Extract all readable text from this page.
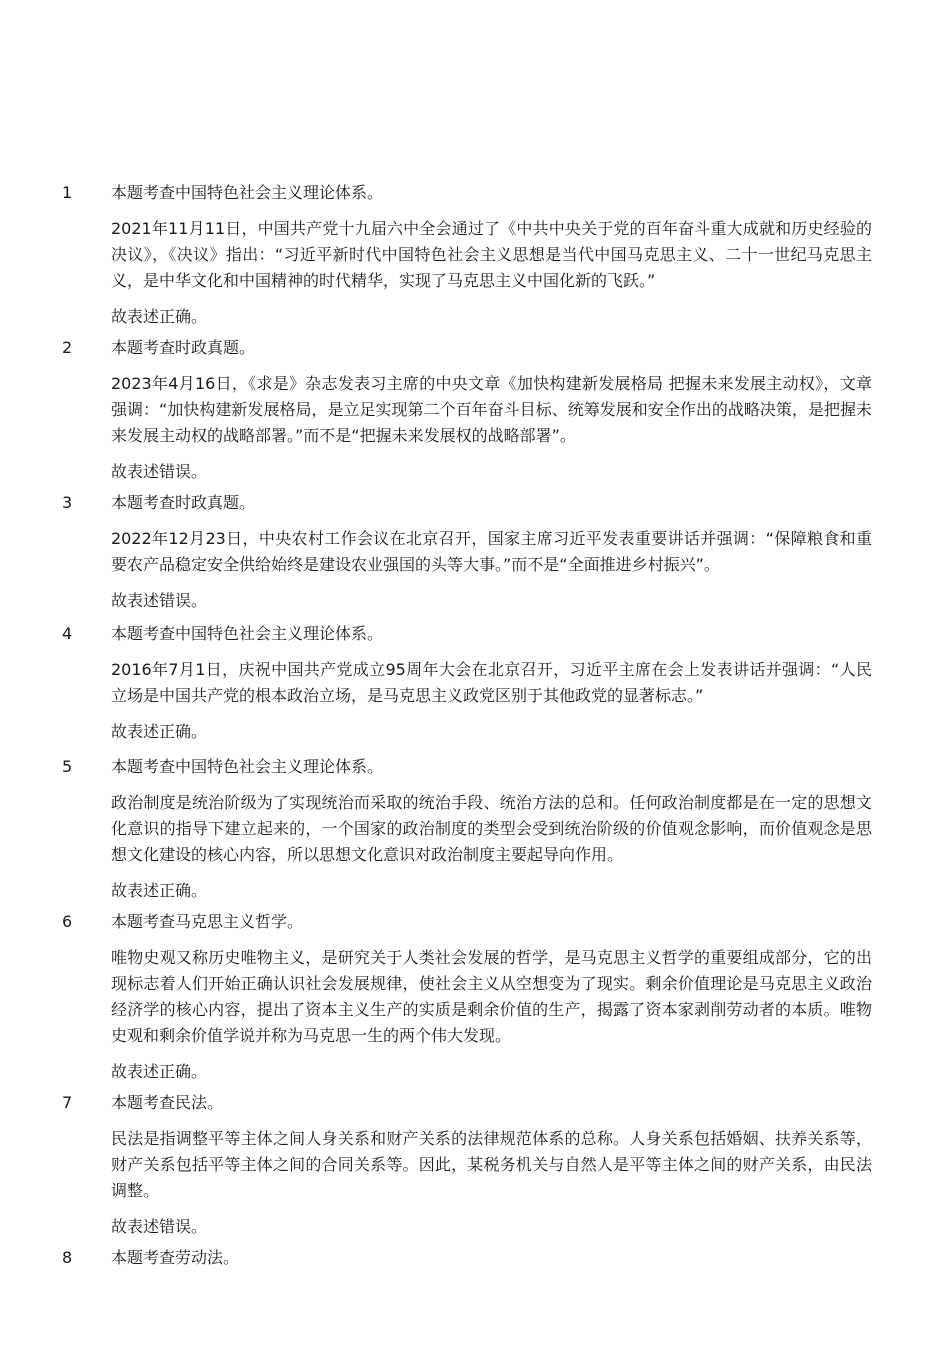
1	本题考查中国特色社会主义理论体系。
2021年11月11日，中国共产党十九届六中全会通过了《中共中央关于党的百年奋斗重大成就和历史经验的决议》，《决议》指出：“习近平新时代中国特色社会主义思想是当代中国马克思主义、二十一世纪马克思主义，是中华文化和中国精神的时代精华，实现了马克思主义中国化新的飞跃。”
故表述正确。
2	本题考查时政真题。
2023年4月16日，《求是》杂志发表习主席的中央文章《加快构建新发展格局 把握未来发展主动权》，文章强调：“加快构建新发展格局，是立足实现第二个百年奋斗目标、统筹发展和安全作出的战略决策，是把握未来发展主动权的战略部署。”而不是“把握未来发展权的战略部署”。
故表述错误。
3	本题考查时政真题。
2022年12月23日，中央农村工作会议在北京召开，国家主席习近平发表重要讲话并强调：“保障粮食和重要农产品稳定安全供给始终是建设农业强国的头等大事。”而不是“全面推进乡村振兴”。
故表述错误。
4	本题考查中国特色社会主义理论体系。
2016年7月1日，庆祝中国共产党成立95周年大会在北京召开，习近平主席在会上发表讲话并强调：“人民立场是中国共产党的根本政治立场，是马克思主义政党区别于其他政党的显著标志。”
故表述正确。
5	本题考查中国特色社会主义理论体系。
政治制度是统治阶级为了实现统治而采取的统治手段、统治方法的总和。任何政治制度都是在一定的思想文化意识的指导下建立起来的，一个国家的政治制度的类型会受到统治阶级的价值观念影响，而价值观念是思想文化建设的核心内容，所以思想文化意识对政治制度主要起导向作用。
故表述正确。
6	本题考查马克思主义哲学。
唯物史观又称历史唯物主义，是研究关于人类社会发展的哲学，是马克思主义哲学的重要组成部分，它的出现标志着人们开始正确认识社会发展规律，使社会主义从空想变为了现实。剩余价值理论是马克思主义政治经济学的核心内容，提出了资本主义生产的实质是剩余价值的生产，揭露了资本家剥削劳动者的本质。唯物史观和剩余价值学说并称为马克思一生的两个伟大发现。
故表述正确。
7	本题考查民法。
民法是指调整平等主体之间人身关系和财产关系的法律规范体系的总称。人身关系包括婚姻、扶养关系等，财产关系包括平等主体之间的合同关系等。因此，某税务机关与自然人是平等主体之间的财产关系，由民法调整。
故表述错误。
8	本题考查劳动法。
